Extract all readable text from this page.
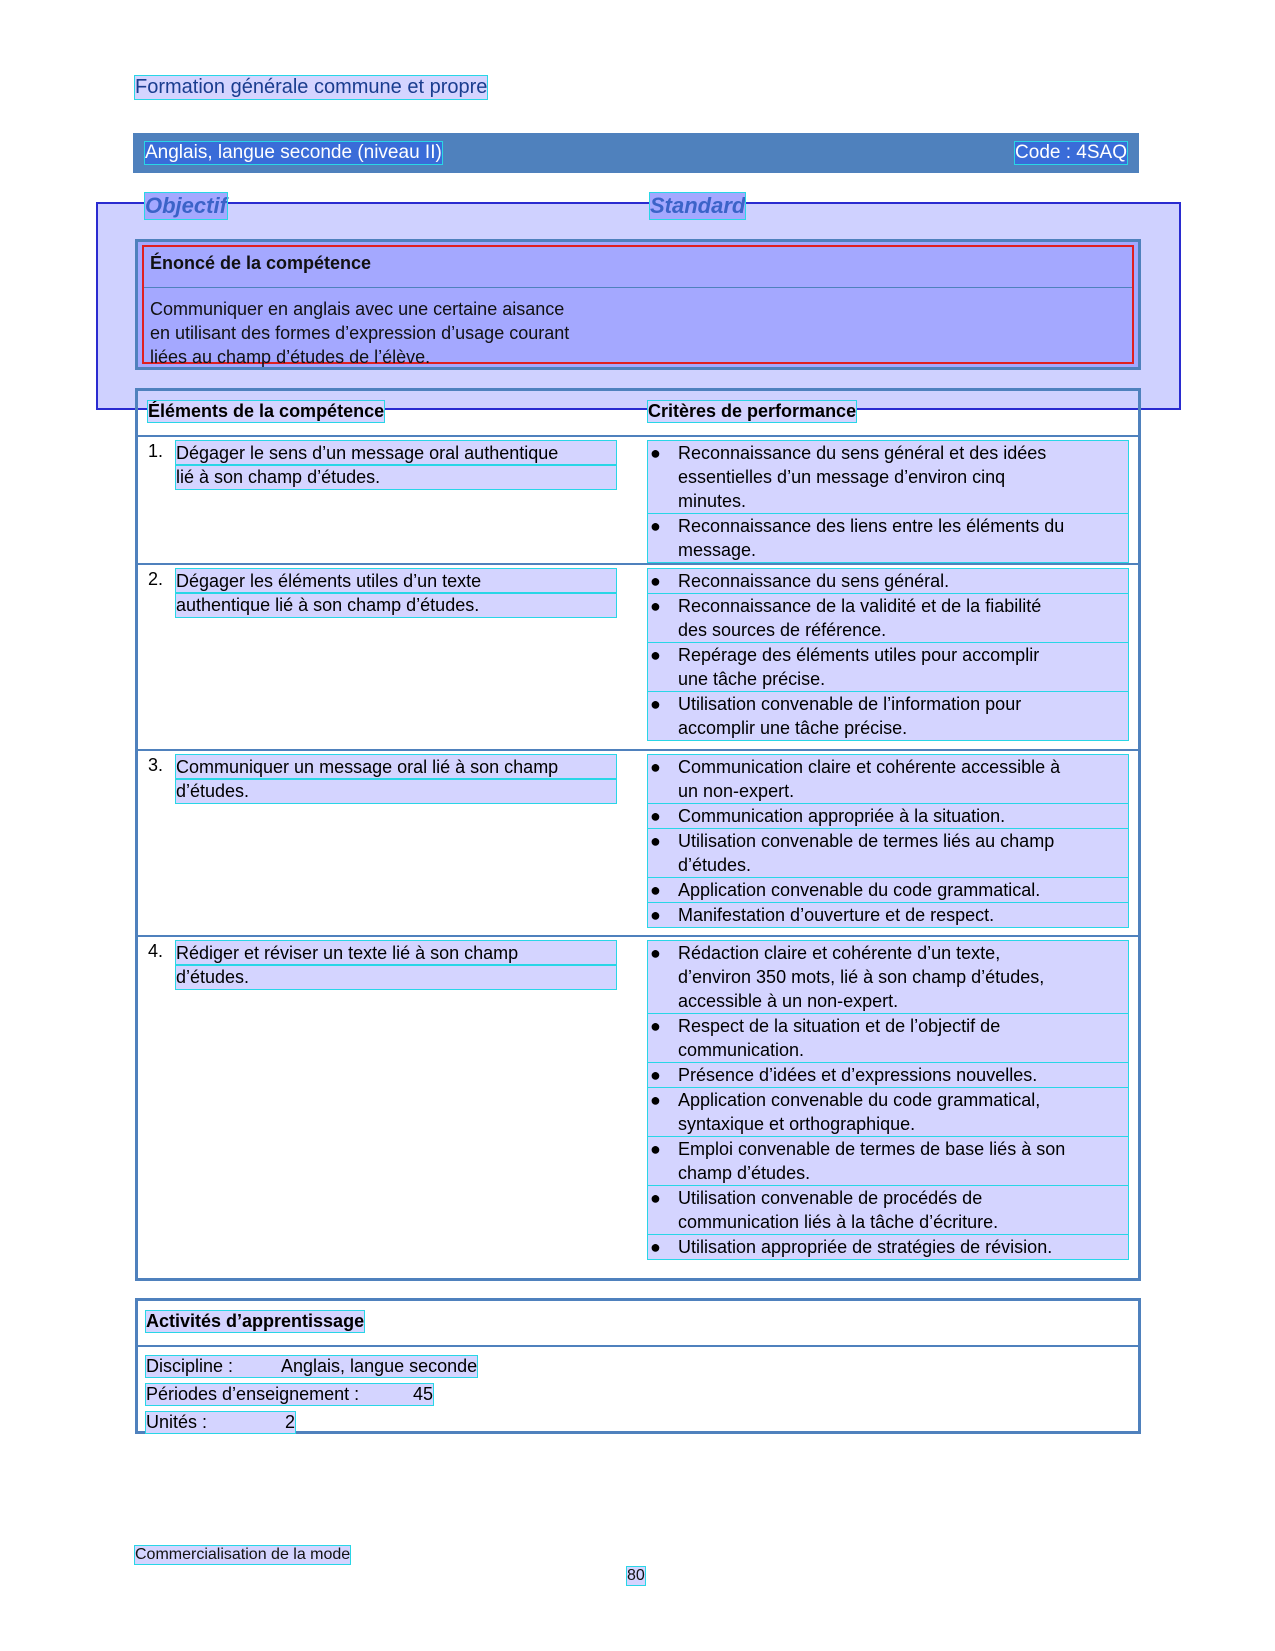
Formation générale commune et propre
Anglais, langue seconde (niveau II)	Code : 4SAQ
Objectif	Standard
Énoncé de la compétence
Communiquer en anglais avec une certaine aisance
en utilisant des formes d’expression d’usage courant
liées au champ d’études de l’élève.
Éléments de la compétence	Critères de performance
1. Dégager le sens d’un message oral authentique
lié à son champ d’études.
● Reconnaissance du sens général et des idées
essentielles d’un message d’environ cinq
minutes.
● Reconnaissance des liens entre les éléments du
message.
2. Dégager les éléments utiles d’un texte
authentique lié à son champ d’études.
● Reconnaissance du sens général.
● Reconnaissance de la validité et de la fiabilité
des sources de référence.
● Repérage des éléments utiles pour accomplir
une tâche précise.
● Utilisation convenable de l’information pour
accomplir une tâche précise.
3. Communiquer un message oral lié à son champ
d’études.
● Communication claire et cohérente accessible à
un non-expert.
● Communication appropriée à la situation.
● Utilisation convenable de termes liés au champ
d’études.
● Application convenable du code grammatical.
● Manifestation d’ouverture et de respect.
4. Rédiger et réviser un texte lié à son champ
d’études.
● Rédaction claire et cohérente d’un texte,
d’environ 350 mots, lié à son champ d’études,
accessible à un non-expert.
● Respect de la situation et de l’objectif de
communication.
● Présence d’idées et d’expressions nouvelles.
● Application convenable du code grammatical,
syntaxique et orthographique.
● Emploi convenable de termes de base liés à son
champ d’études.
● Utilisation convenable de procédés de
communication liés à la tâche d’écriture.
● Utilisation appropriée de stratégies de révision.
Activités d’apprentissage
Discipline :	Anglais, langue seconde
Périodes d’enseignement :	45
Unités :	2
Commercialisation de la mode
80
